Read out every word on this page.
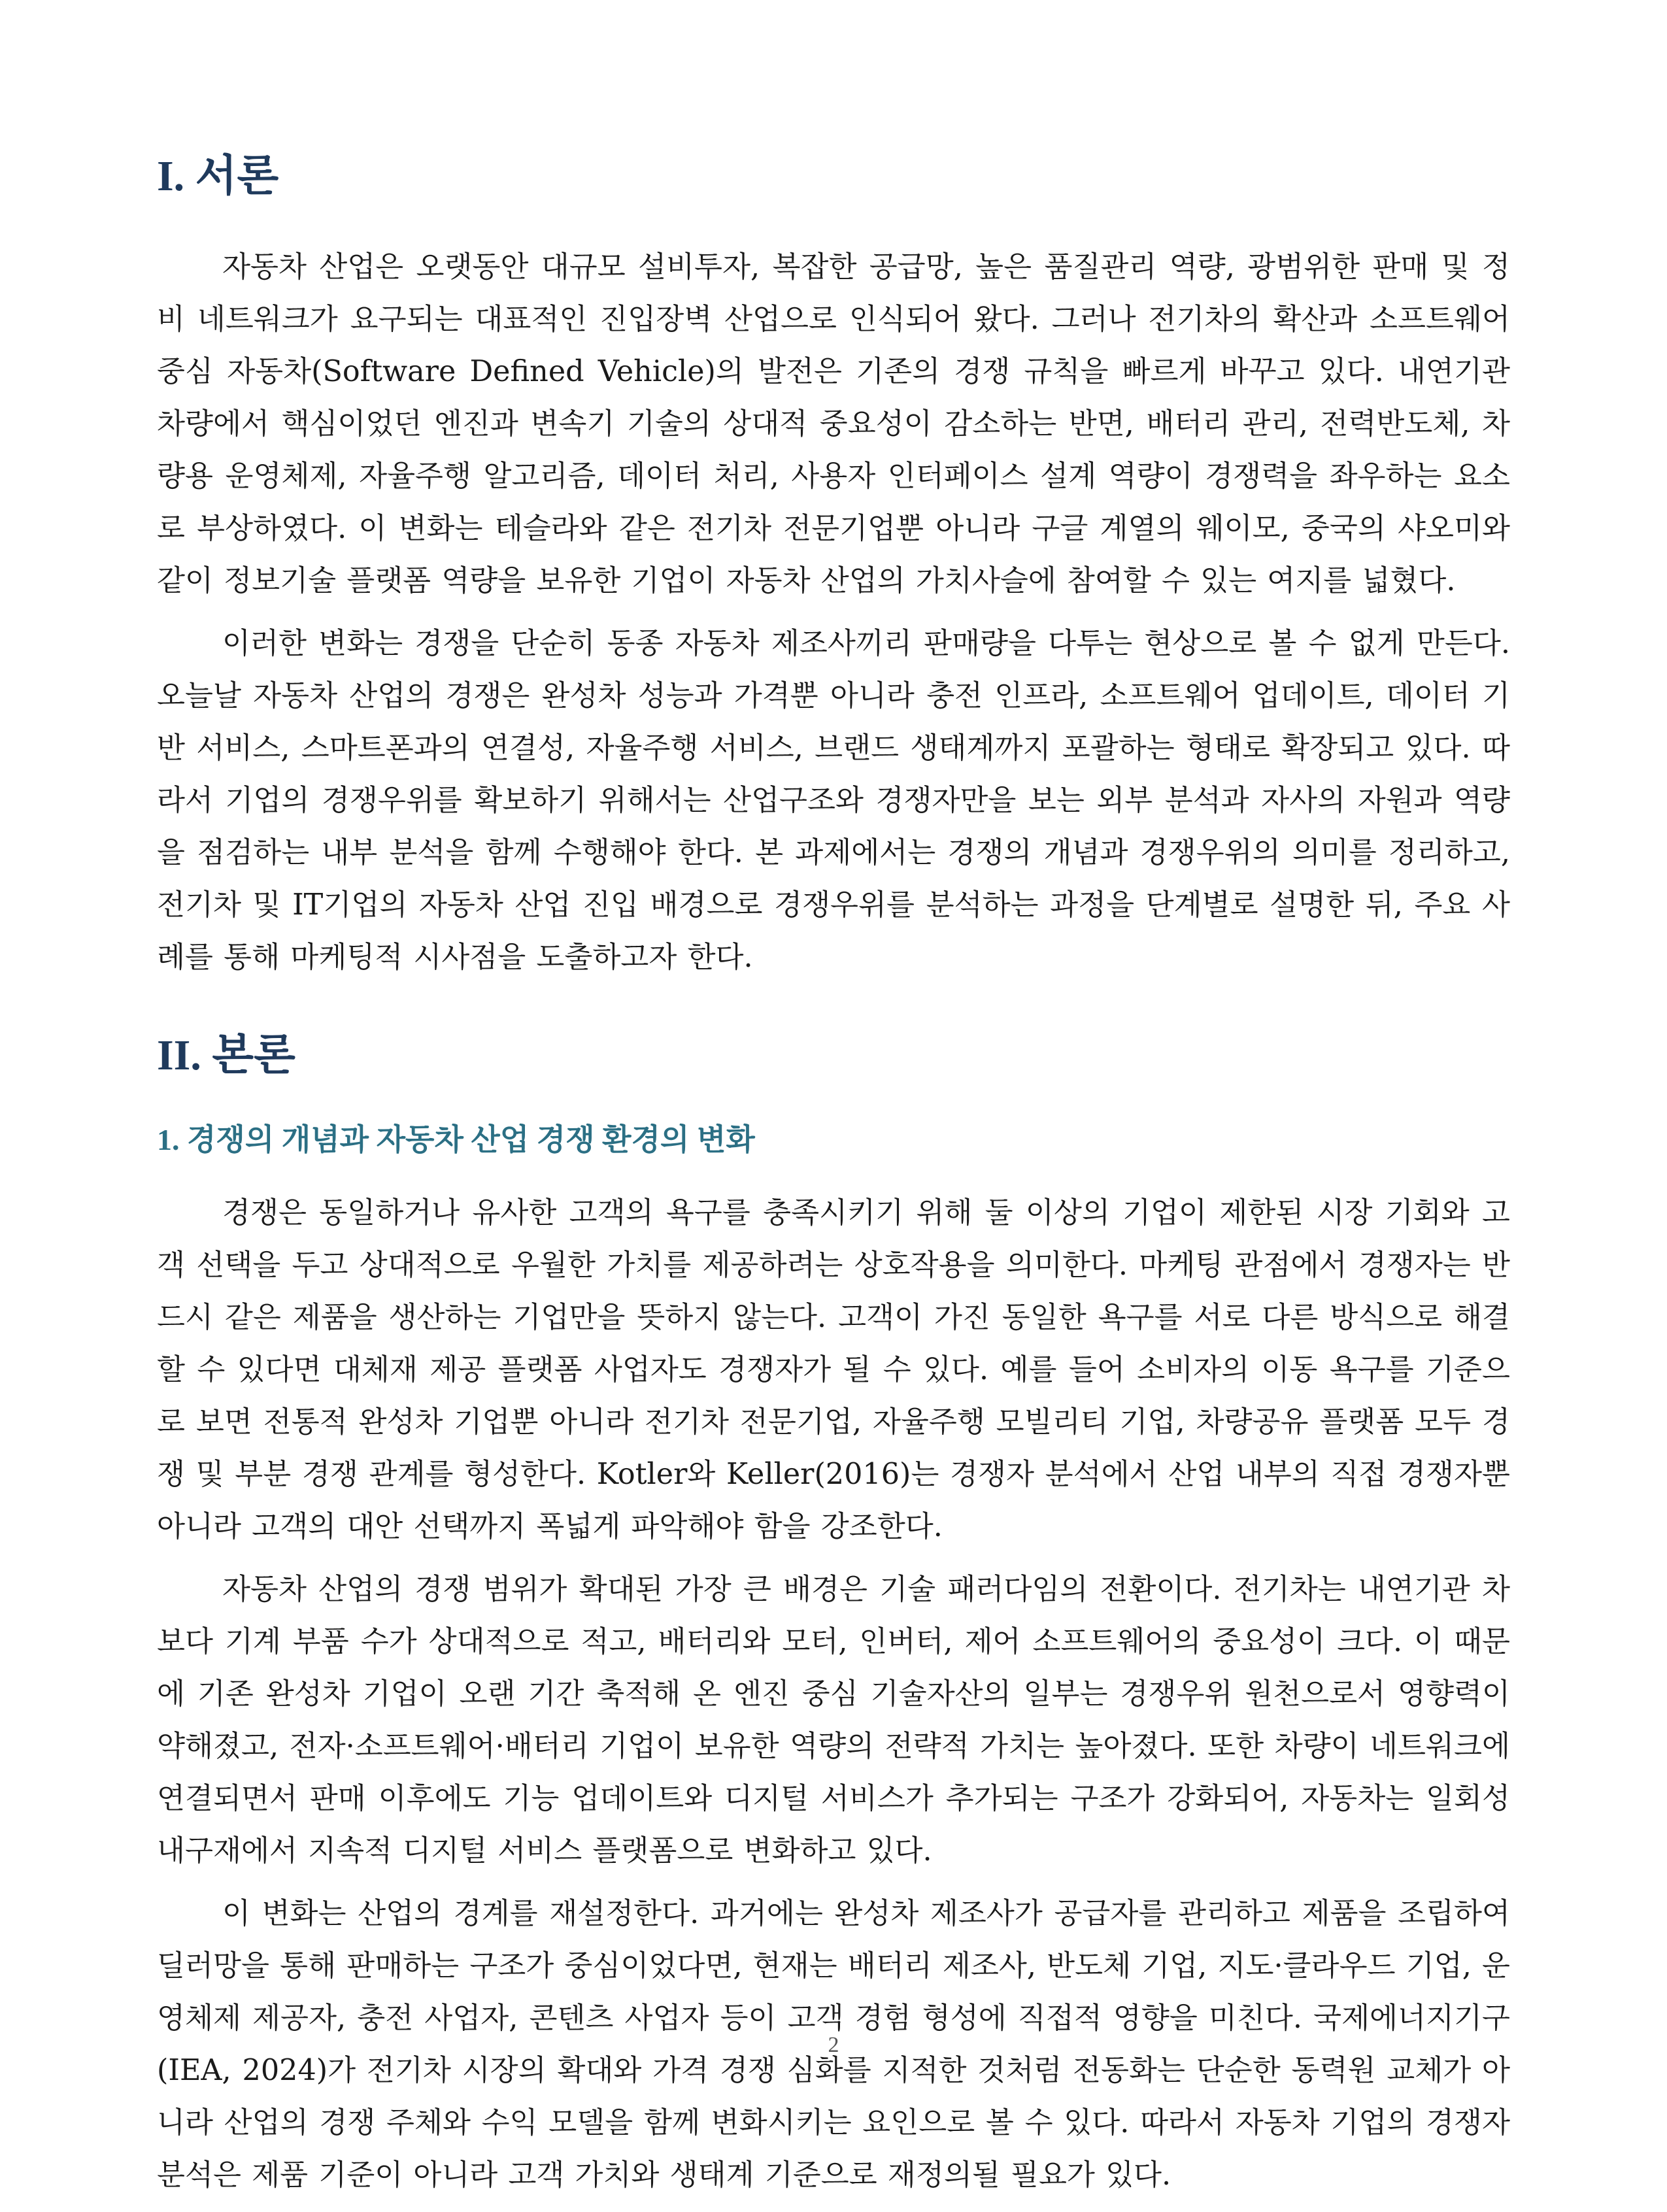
I. 서론

자동차 산업은 오랫동안 대규모 설비투자, 복잡한 공급망, 높은 품질관리 역량, 광범위한 판매 및 정비 네트워크가 요구되는 대표적인 진입장벽 산업으로 인식되어 왔다. 그러나 전기차의 확산과 소프트웨어 중심 자동차(Software Defined Vehicle)의 발전은 기존의 경쟁 규칙을 빠르게 바꾸고 있다. 내연기관 차량에서 핵심이었던 엔진과 변속기 기술의 상대적 중요성이 감소하는 반면, 배터리 관리, 전력반도체, 차량용 운영체제, 자율주행 알고리즘, 데이터 처리, 사용자 인터페이스 설계 역량이 경쟁력을 좌우하는 요소로 부상하였다. 이 변화는 테슬라와 같은 전기차 전문기업뿐 아니라 구글 계열의 웨이모, 중국의 샤오미와 같이 정보기술 플랫폼 역량을 보유한 기업이 자동차 산업의 가치사슬에 참여할 수 있는 여지를 넓혔다.

이러한 변화는 경쟁을 단순히 동종 자동차 제조사끼리 판매량을 다투는 현상으로 볼 수 없게 만든다. 오늘날 자동차 산업의 경쟁은 완성차 성능과 가격뿐 아니라 충전 인프라, 소프트웨어 업데이트, 데이터 기반 서비스, 스마트폰과의 연결성, 자율주행 서비스, 브랜드 생태계까지 포괄하는 형태로 확장되고 있다. 따라서 기업의 경쟁우위를 확보하기 위해서는 산업구조와 경쟁자만을 보는 외부 분석과 자사의 자원과 역량을 점검하는 내부 분석을 함께 수행해야 한다. 본 과제에서는 경쟁의 개념과 경쟁우위의 의미를 정리하고, 전기차 및 IT기업의 자동차 산업 진입 배경으로 경쟁우위를 분석하는 과정을 단계별로 설명한 뒤, 주요 사례를 통해 마케팅적 시사점을 도출하고자 한다.

II. 본론
1. 경쟁의 개념과 자동차 산업 경쟁 환경의 변화

경쟁은 동일하거나 유사한 고객의 욕구를 충족시키기 위해 둘 이상의 기업이 제한된 시장 기회와 고객 선택을 두고 상대적으로 우월한 가치를 제공하려는 상호작용을 의미한다. 마케팅 관점에서 경쟁자는 반드시 같은 제품을 생산하는 기업만을 뜻하지 않는다. 고객이 가진 동일한 욕구를 서로 다른 방식으로 해결할 수 있다면 대체재 제공 플랫폼 사업자도 경쟁자가 될 수 있다. 예를 들어 소비자의 이동 욕구를 기준으로 보면 전통적 완성차 기업뿐 아니라 전기차 전문기업, 자율주행 모빌리티 기업, 차량공유 플랫폼 모두 경쟁 및 부분 경쟁 관계를 형성한다. Kotler와 Keller(2016)는 경쟁자 분석에서 산업 내부의 직접 경쟁자뿐 아니라 고객의 대안 선택까지 폭넓게 파악해야 함을 강조한다.

자동차 산업의 경쟁 범위가 확대된 가장 큰 배경은 기술 패러다임의 전환이다. 전기차는 내연기관 차보다 기계 부품 수가 상대적으로 적고, 배터리와 모터, 인버터, 제어 소프트웨어의 중요성이 크다. 이 때문에 기존 완성차 기업이 오랜 기간 축적해 온 엔진 중심 기술자산의 일부는 경쟁우위 원천으로서 영향력이 약해졌고, 전자·소프트웨어·배터리 기업이 보유한 역량의 전략적 가치는 높아졌다. 또한 차량이 네트워크에 연결되면서 판매 이후에도 기능 업데이트와 디지털 서비스가 추가되는 구조가 강화되어, 자동차는 일회성 내구재에서 지속적 디지털 서비스 플랫폼으로 변화하고 있다.

이 변화는 산업의 경계를 재설정한다. 과거에는 완성차 제조사가 공급자를 관리하고 제품을 조립하여 딜러망을 통해 판매하는 구조가 중심이었다면, 현재는 배터리 제조사, 반도체 기업, 지도·클라우드 기업, 운영체제 제공자, 충전 사업자, 콘텐츠 사업자 등이 고객 경험 형성에 직접적 영향을 미친다. 국제에너지기구(IEA, 2024)가 전기차 시장의 확대와 가격 경쟁 심화를 지적한 것처럼 전동화는 단순한 동력원 교체가 아니라 산업의 경쟁 주체와 수익 모델을 함께 변화시키는 요인으로 볼 수 있다. 따라서 자동차 기업의 경쟁자 분석은 제품 기준이 아니라 고객 가치와 생태계 기준으로 재정의될 필요가 있다.

2
